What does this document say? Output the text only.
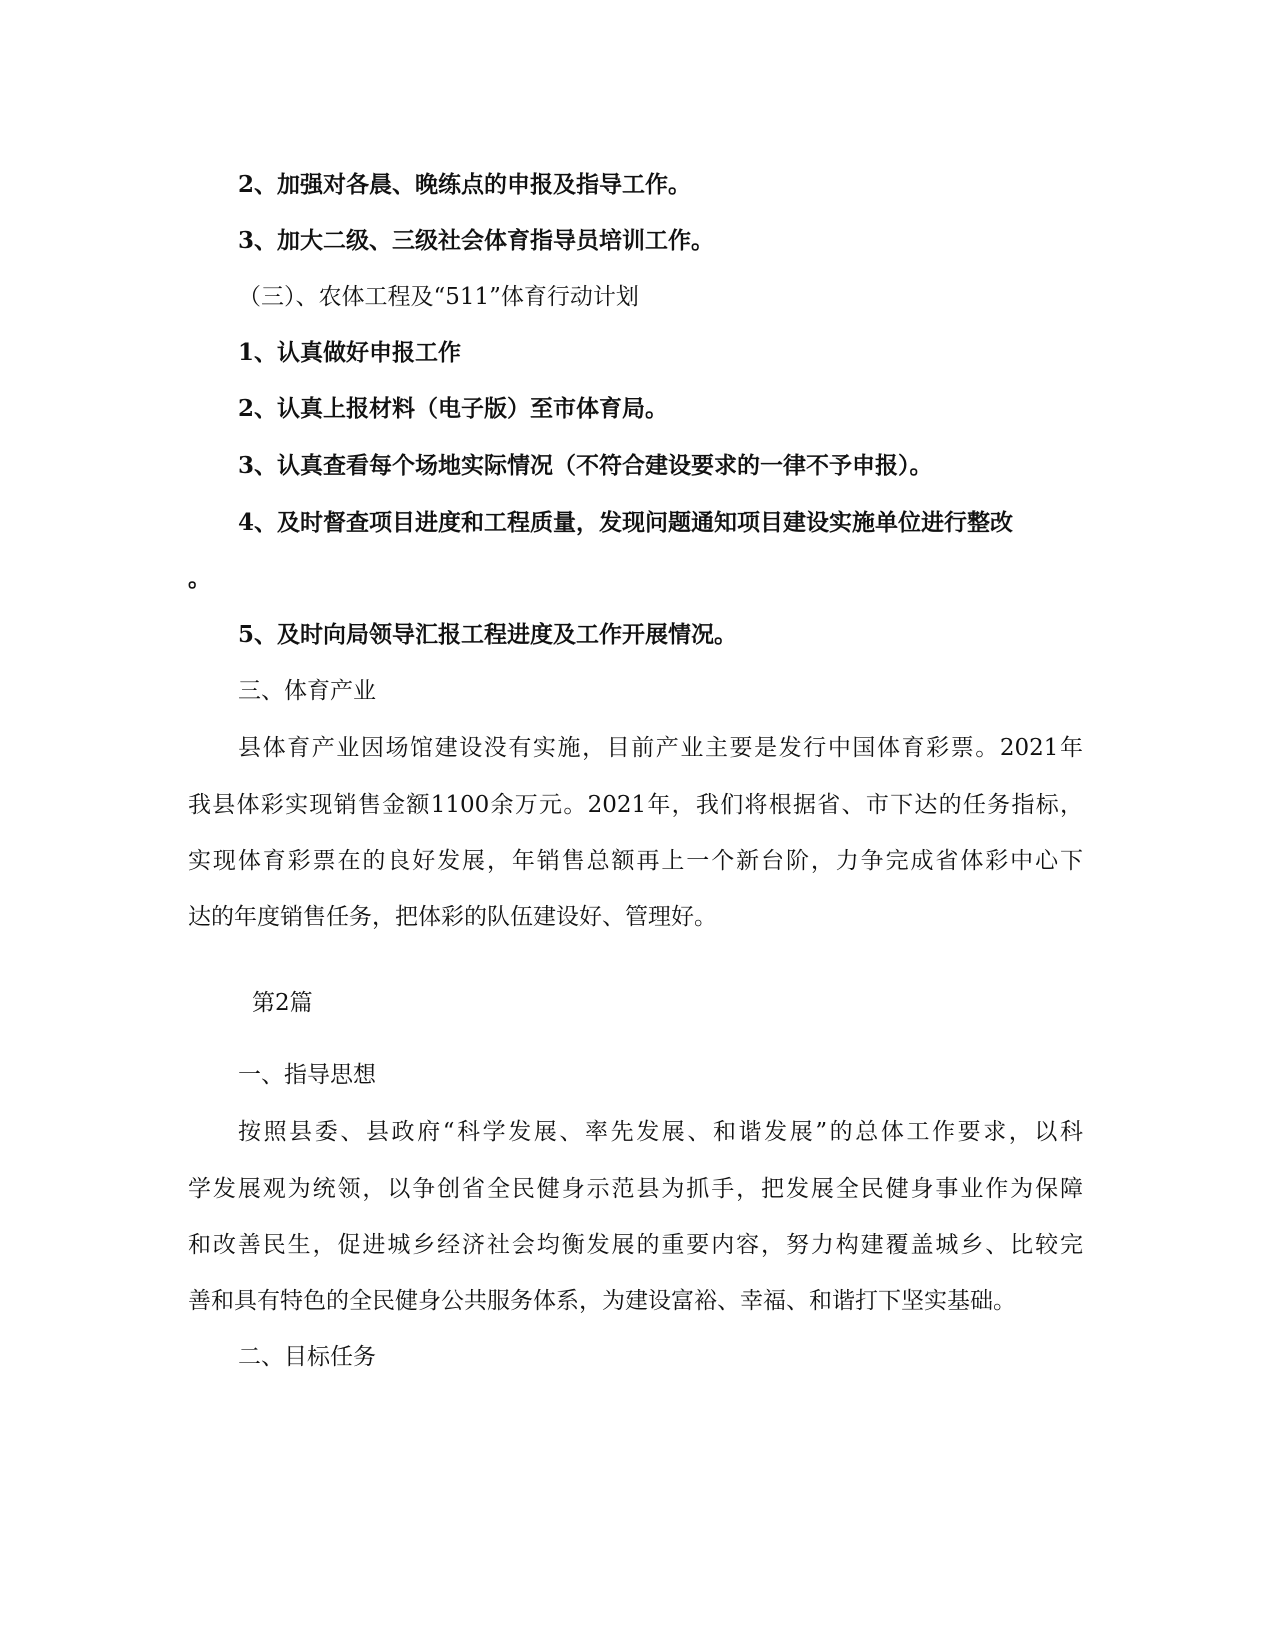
2、加强对各晨、晚练点的申报及指导工作。
3、加大二级、三级社会体育指导员培训工作。
（三）、农体工程及“511”体育行动计划
1、认真做好申报工作
2、认真上报材料（电子版）至市体育局。
3、认真查看每个场地实际情况（不符合建设要求的一律不予申报）。
4、及时督查项目进度和工程质量，发现问题通知项目建设实施单位进行整改
。
5、及时向局领导汇报工程进度及工作开展情况。
三、体育产业
县体育产业因场馆建设没有实施，目前产业主要是发行中国体育彩票。2021年
我县体彩实现销售金额1100余万元。2021年，我们将根据省、市下达的任务指标，
实现体育彩票在的良好发展，年销售总额再上一个新台阶，力争完成省体彩中心下
达的年度销售任务，把体彩的队伍建设好、管理好。
第2篇
一、指导思想
按照县委、县政府“科学发展、率先发展、和谐发展”的总体工作要求，以科
学发展观为统领，以争创省全民健身示范县为抓手，把发展全民健身事业作为保障
和改善民生，促进城乡经济社会均衡发展的重要内容，努力构建覆盖城乡、比较完
善和具有特色的全民健身公共服务体系，为建设富裕、幸福、和谐打下坚实基础。
二、目标任务
